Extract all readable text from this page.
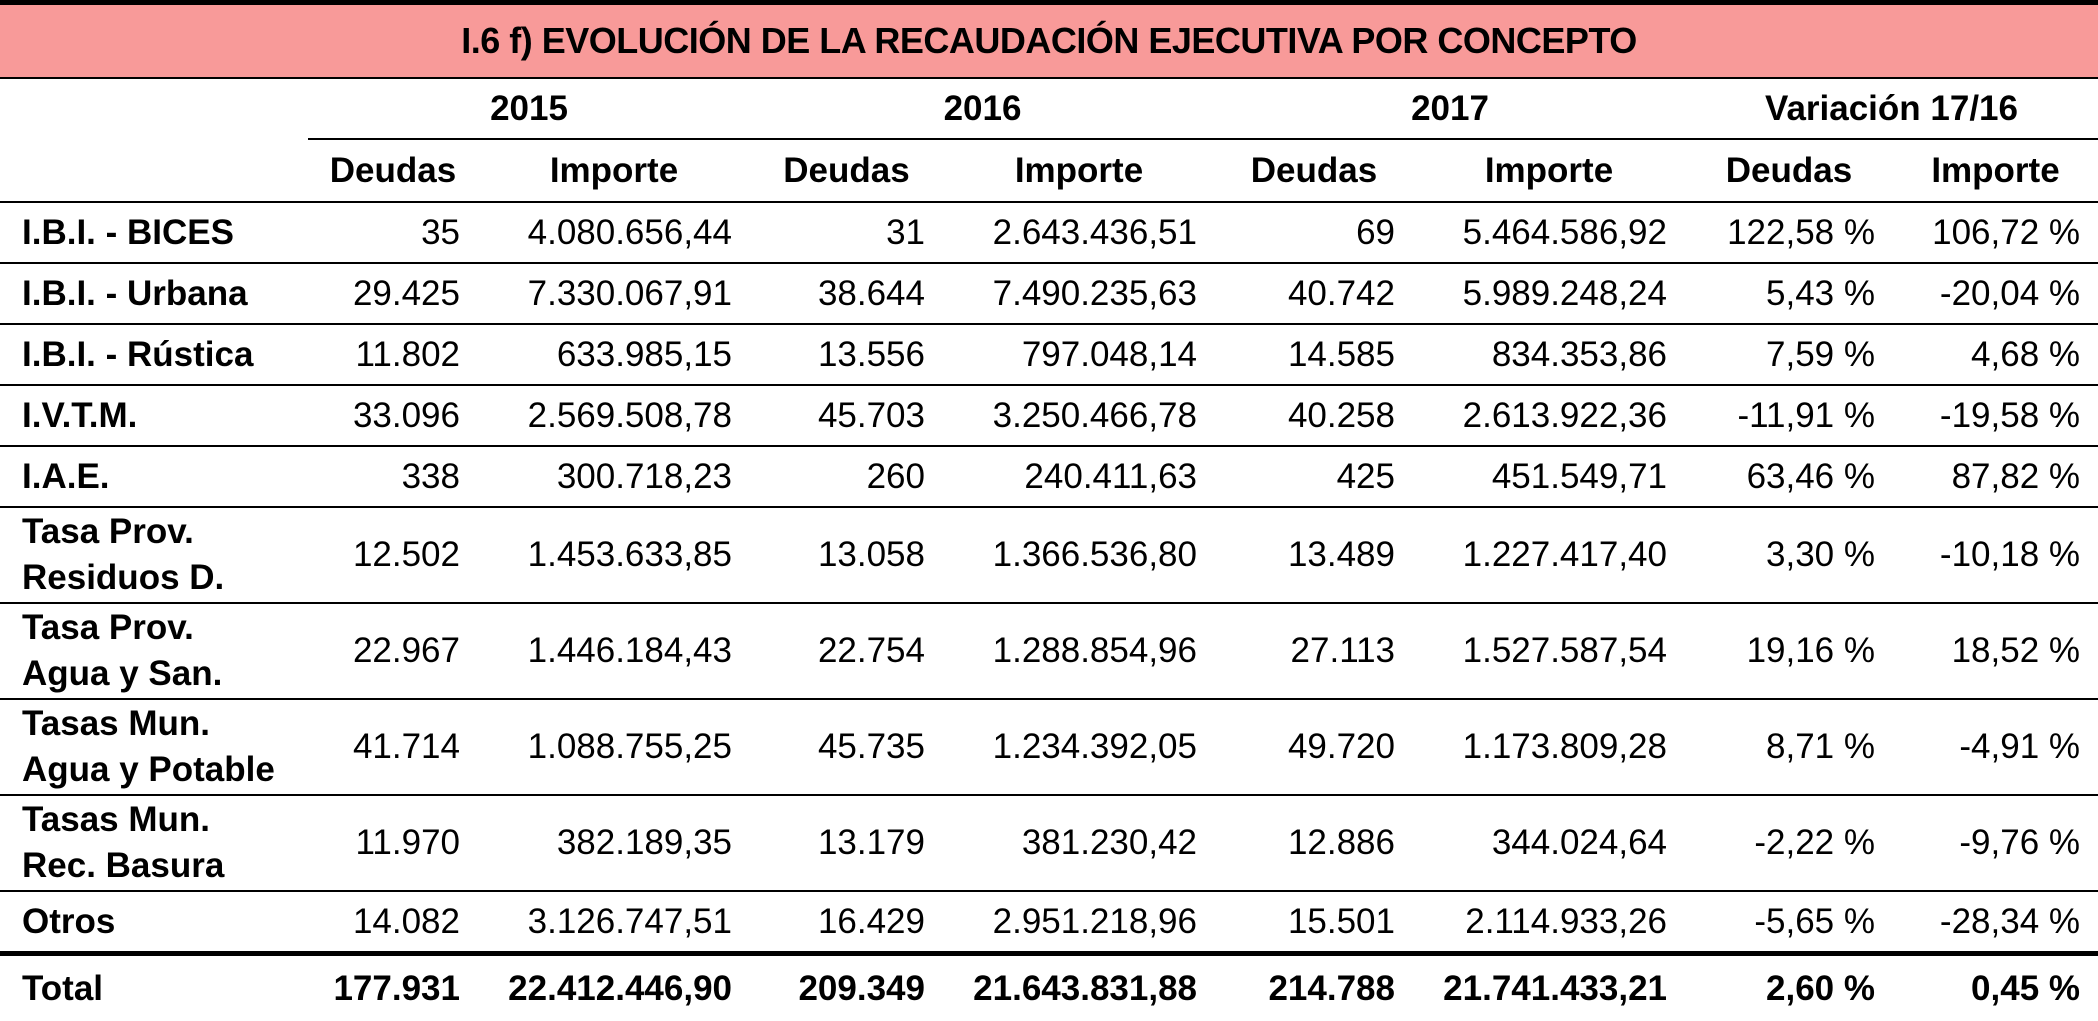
I.6 f) EVOLUCIÓN DE LA RECAUDACIÓN EJECUTIVA POR CONCEPTO
	2015		2016		2017		Variación 17/16	
	Deudas	Importe	Deudas	Importe	Deudas	Importe	Deudas	Importe
I.B.I. - BICES	35	4.080.656,44	31	2.643.436,51	69	5.464.586,92	122,58 %	106,72 %
I.B.I. - Urbana	29.425	7.330.067,91	38.644	7.490.235,63	40.742	5.989.248,24	5,43 %	-20,04 %
I.B.I. - Rústica	11.802	633.985,15	13.556	797.048,14	14.585	834.353,86	7,59 %	4,68 %
I.V.T.M.	33.096	2.569.508,78	45.703	3.250.466,78	40.258	2.613.922,36	-11,91 %	-19,58 %
I.A.E.	338	300.718,23	260	240.411,63	425	451.549,71	63,46 %	87,82 %
Tasa Prov.
Residuos D.	12.502	1.453.633,85	13.058	1.366.536,80	13.489	1.227.417,40	3,30 %	-10,18 %
Tasa Prov.
Agua y San.	22.967	1.446.184,43	22.754	1.288.854,96	27.113	1.527.587,54	19,16 %	18,52 %
Tasas Mun.
Agua y Potable	41.714	1.088.755,25	45.735	1.234.392,05	49.720	1.173.809,28	8,71 %	-4,91 %
Tasas Mun.
Rec. Basura	11.970	382.189,35	13.179	381.230,42	12.886	344.024,64	-2,22 %	-9,76 %
Otros	14.082	3.126.747,51	16.429	2.951.218,96	15.501	2.114.933,26	-5,65 %	-28,34 %
Total	177.931	22.412.446,90	209.349	21.643.831,88	214.788	21.741.433,21	2,60 %	0,45 %
